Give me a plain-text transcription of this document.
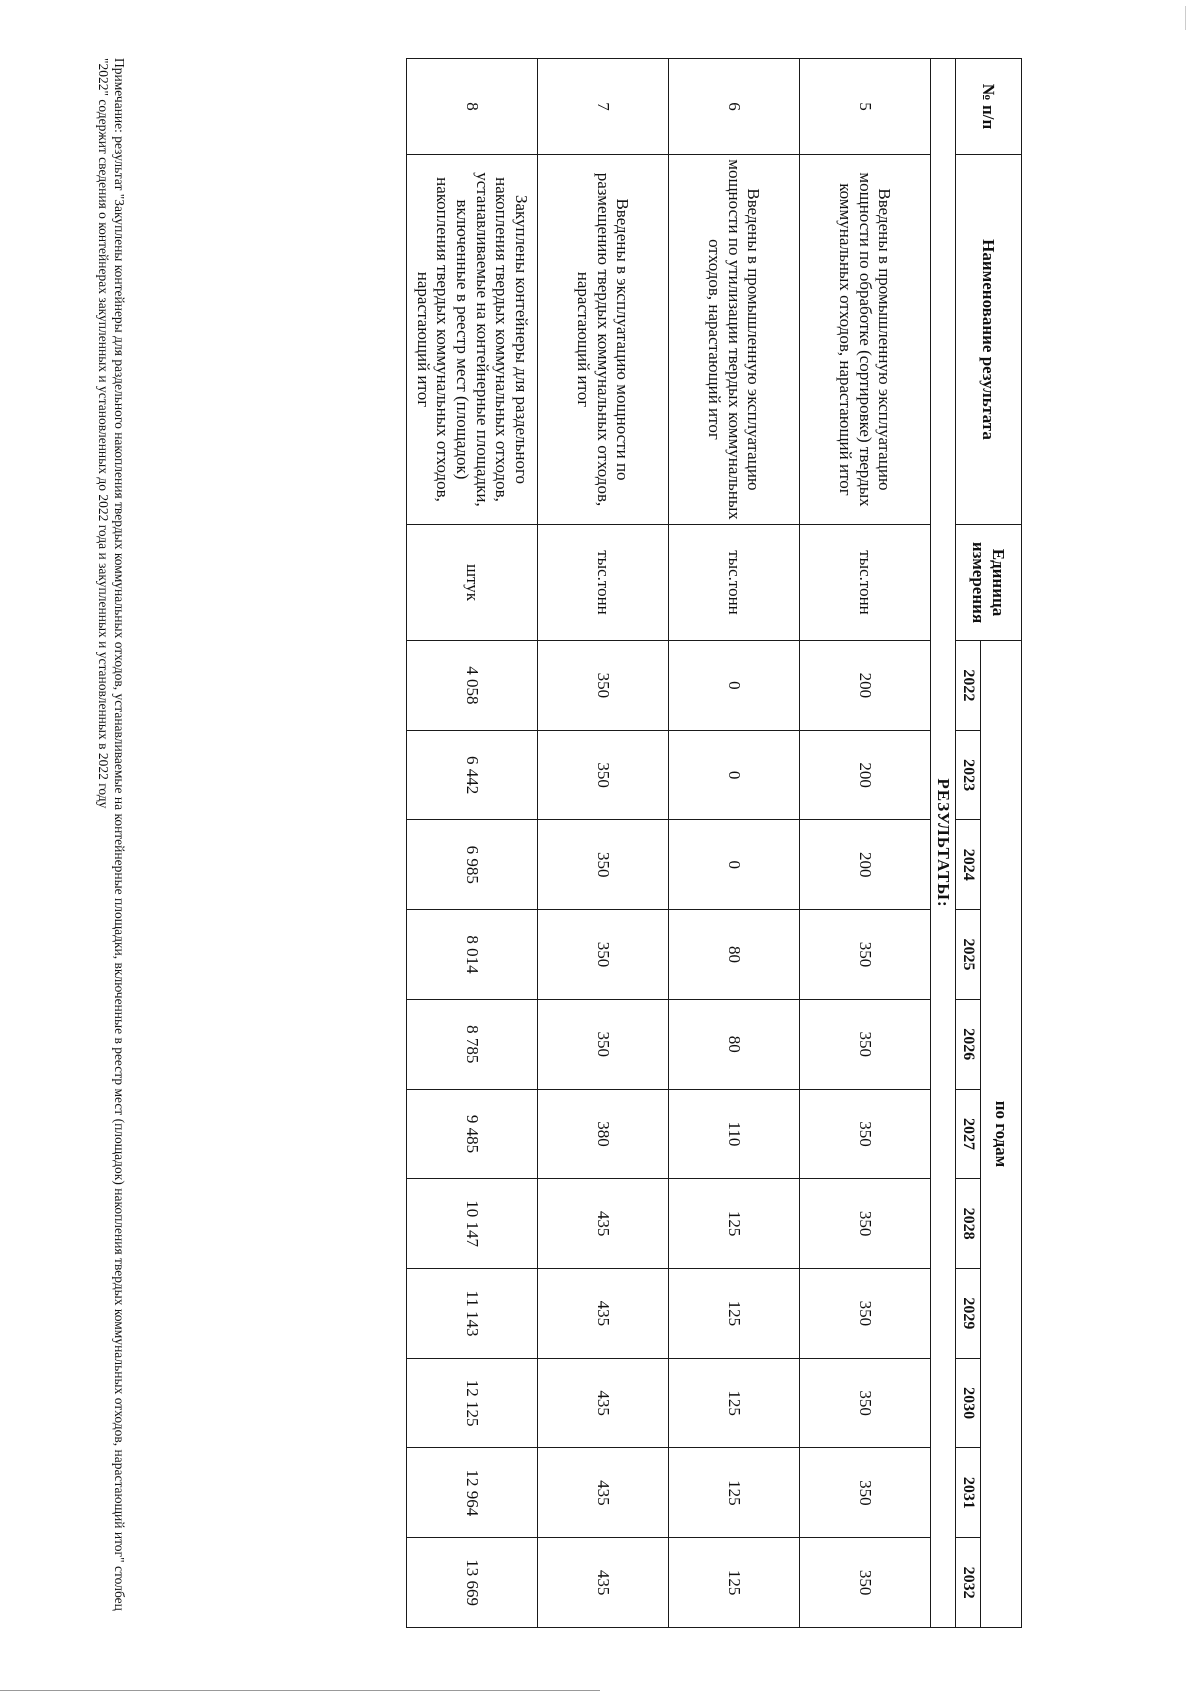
№ п/п	Наименование результата	Единица измерения	по годам										
			2022	2023	2024	2025	2026	2027	2028	2029	2030	2031	2032
РЕЗУЛЬТАТЫ:													
5	Введены в промышленную эксплуатацию мощности по обработке (сортировке) твердых коммунальных отходов, нарастающий итог	тыс.тонн	200	200	200	350	350	350	350	350	350	350	350
6	Введены в промышленную эксплуатацию мощности по утилизации твердых коммунальных отходов, нарастающий итог	тыс.тонн	0	0	0	80	80	110	125	125	125	125	125
7	Введены в эксплуатацию мощности по размещению твердых коммунальных отходов, нарастающий итог	тыс.тонн	350	350	350	350	350	380	435	435	435	435	435
8	Закуплены контейнеры для раздельного накопления твердых коммунальных отходов, устанавливаемые на контейнерные площадки, включенные в реестр мест (площадок) накопления твердых коммунальных отходов, нарастающий итог	штук	4 058	6 442	6 985	8 014	8 785	9 485	10 147	11 143	12 125	12 964	13 669
Примечание: результат "Закуплены контейнеры для раздельного накопления твердых коммунальных отходов, устанавливаемые на контейнерные площадки, включенные в реестр мест (площадок) накопления твердых коммунальных отходов, нарастающий итог" столбец "2022" содержит сведения о контейнерах закупленных и установленных до 2022 года и закупленных и установленных в 2022 году
